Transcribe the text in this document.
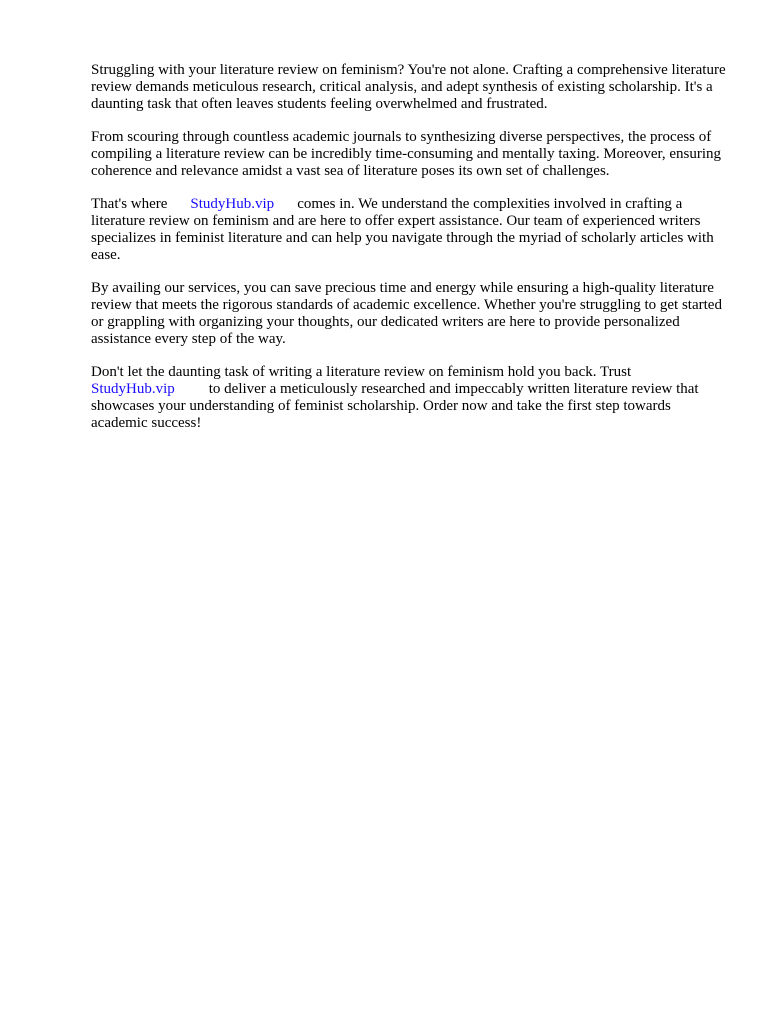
Struggling with your literature review on feminism? You're not alone. Crafting a comprehensive literature review demands meticulous research, critical analysis, and adept synthesis of existing scholarship. It's a daunting task that often leaves students feeling overwhelmed and frustrated.

From scouring through countless academic journals to synthesizing diverse perspectives, the process of compiling a literature review can be incredibly time-consuming and mentally taxing. Moreover, ensuring coherence and relevance amidst a vast sea of literature poses its own set of challenges.

That's where StudyHub.vip comes in. We understand the complexities involved in crafting a literature review on feminism and are here to offer expert assistance. Our team of experienced writers specializes in feminist literature and can help you navigate through the myriad of scholarly articles with ease.

By availing our services, you can save precious time and energy while ensuring a high-quality literature review that meets the rigorous standards of academic excellence. Whether you're struggling to get started or grappling with organizing your thoughts, our dedicated writers are here to provide personalized assistance every step of the way.

Don't let the daunting task of writing a literature review on feminism hold you back. Trust
StudyHub.vip to deliver a meticulously researched and impeccably written literature review that showcases your understanding of feminist scholarship. Order now and take the first step towards academic success!
